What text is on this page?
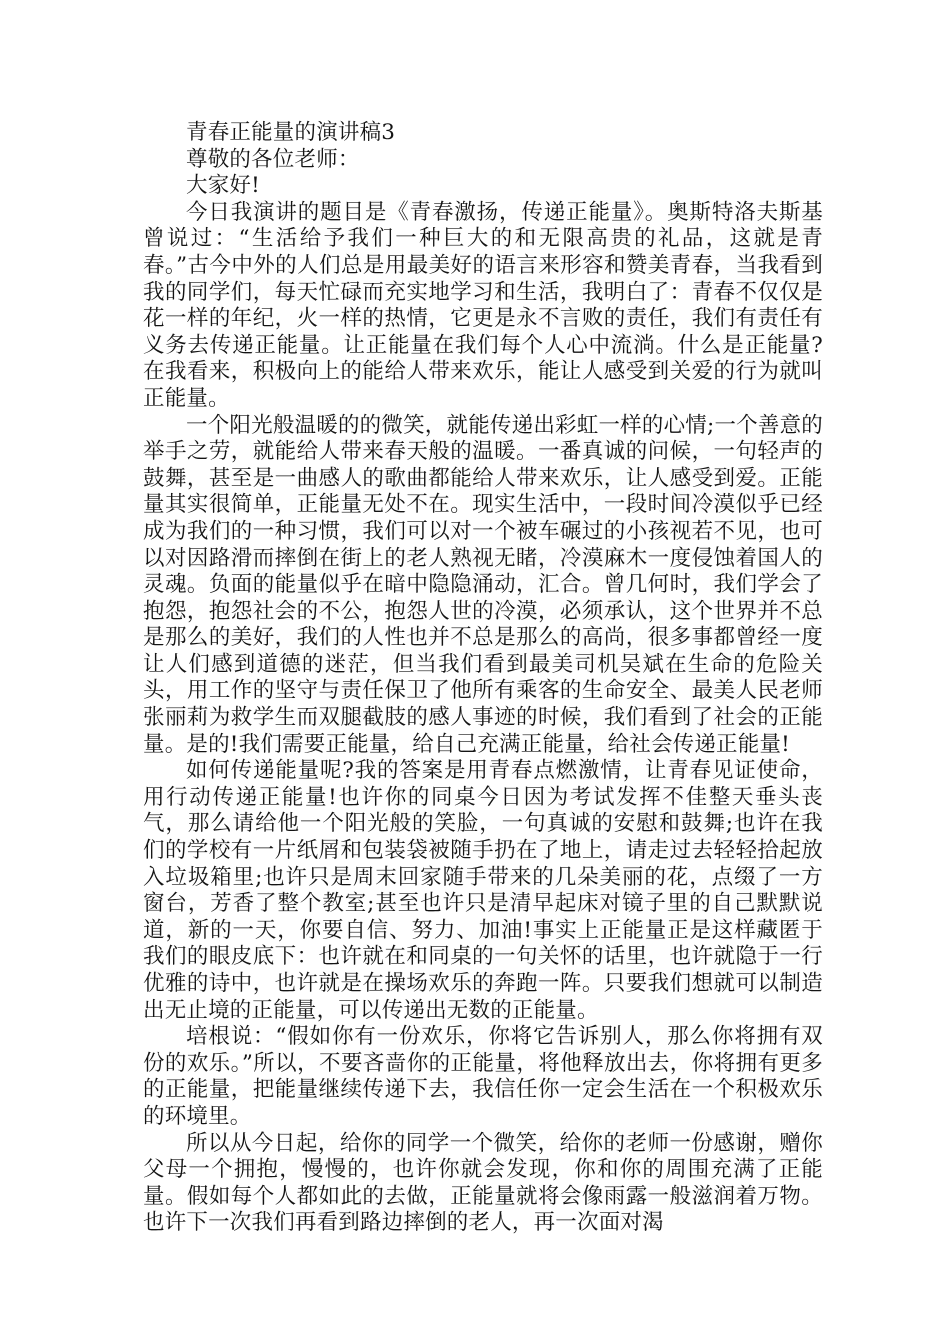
青春正能量的演讲稿3

尊敬的各位老师：

大家好!

今日我演讲的题目是《青春激扬，传递正能量》。奥斯特洛夫斯基曾说过：“生活给予我们一种巨大的和无限高贵的礼品，这就是青春。”古今中外的人们总是用最美好的语言来形容和赞美青春，当我看到我的同学们，每天忙碌而充实地学习和生活，我明白了：青春不仅仅是花一样的年纪，火一样的热情，它更是永不言败的责任，我们有责任有义务去传递正能量。让正能量在我们每个人心中流淌。什么是正能量?在我看来，积极向上的能给人带来欢乐，能让人感受到关爱的行为就叫正能量。

一个阳光般温暖的的微笑，就能传递出彩虹一样的心情;一个善意的举手之劳，就能给人带来春天般的温暖。一番真诚的问候，一句轻声的鼓舞，甚至是一曲感人的歌曲都能给人带来欢乐，让人感受到爱。正能量其实很简单，正能量无处不在。现实生活中，一段时间冷漠似乎已经成为我们的一种习惯，我们可以对一个被车碾过的小孩视若不见，也可以对因路滑而摔倒在街上的老人熟视无睹，冷漠麻木一度侵蚀着国人的灵魂。负面的能量似乎在暗中隐隐涌动，汇合。曾几何时，我们学会了抱怨，抱怨社会的不公，抱怨人世的冷漠，必须承认，这个世界并不总是那么的美好，我们的人性也并不总是那么的高尚，很多事都曾经一度让人们感到道德的迷茫，但当我们看到最美司机吴斌在生命的危险关头，用工作的坚守与责任保卫了他所有乘客的生命安全、最美人民老师张丽莉为救学生而双腿截肢的感人事迹的时候，我们看到了社会的正能量。是的!我们需要正能量，给自己充满正能量，给社会传递正能量!

如何传递能量呢?我的答案是用青春点燃激情，让青春见证使命，用行动传递正能量!也许你的同桌今日因为考试发挥不佳整天垂头丧气，那么请给他一个阳光般的笑脸，一句真诚的安慰和鼓舞;也许在我们的学校有一片纸屑和包装袋被随手扔在了地上，请走过去轻轻拾起放入垃圾箱里;也许只是周末回家随手带来的几朵美丽的花，点缀了一方窗台，芳香了整个教室;甚至也许只是清早起床对镜子里的自己默默说道，新的一天，你要自信、努力、加油!事实上正能量正是这样藏匿于我们的眼皮底下：也许就在和同桌的一句关怀的话里，也许就隐于一行优雅的诗中，也许就是在操场欢乐的奔跑一阵。只要我们想就可以制造出无止境的正能量，可以传递出无数的正能量。

培根说：“假如你有一份欢乐，你将它告诉别人，那么你将拥有双份的欢乐。”所以，不要吝啬你的正能量，将他释放出去，你将拥有更多的正能量，把能量继续传递下去，我信任你一定会生活在一个积极欢乐的环境里。

所以从今日起，给你的同学一个微笑，给你的老师一份感谢，赠你父母一个拥抱，慢慢的，也许你就会发现，你和你的周围充满了正能量。假如每个人都如此的去做，正能量就将会像雨露一般滋润着万物。也许下一次我们再看到路边摔倒的老人，再一次面对渴
